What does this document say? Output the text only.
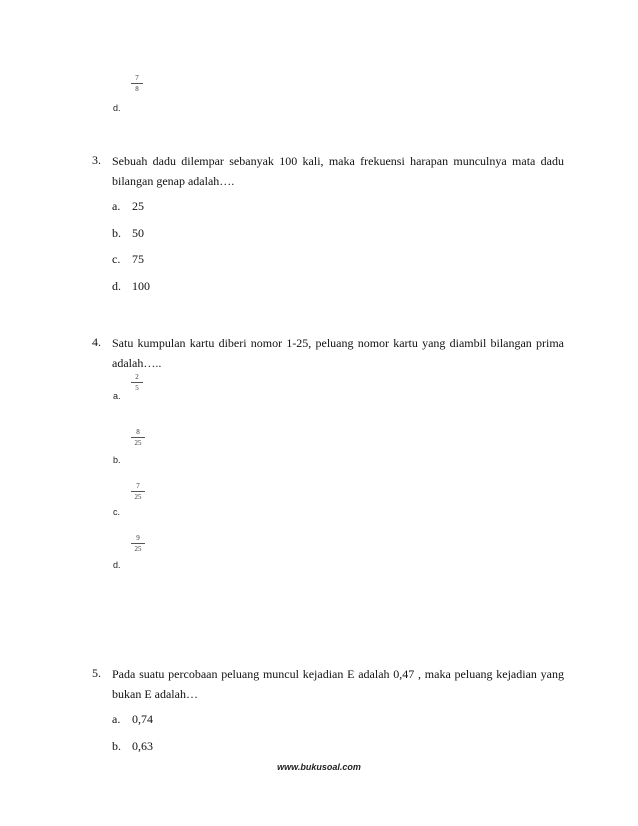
7
8
d.
3. Sebuah dadu dilempar sebanyak 100 kali, maka frekuensi harapan munculnya mata dadu bilangan genap adalah….
a. 25
b. 50
c. 75
d. 100
4. Satu kumpulan kartu diberi nomor 1-25, peluang nomor kartu yang diambil bilangan prima adalah…..
2
5
a.
8
25
b.
7
25
c.
9
25
d.
5. Pada suatu percobaan peluang muncul kejadian E adalah 0,47 , maka peluang kejadian yang bukan E adalah…
a. 0,74
b. 0,63
www.bukusoal.com
